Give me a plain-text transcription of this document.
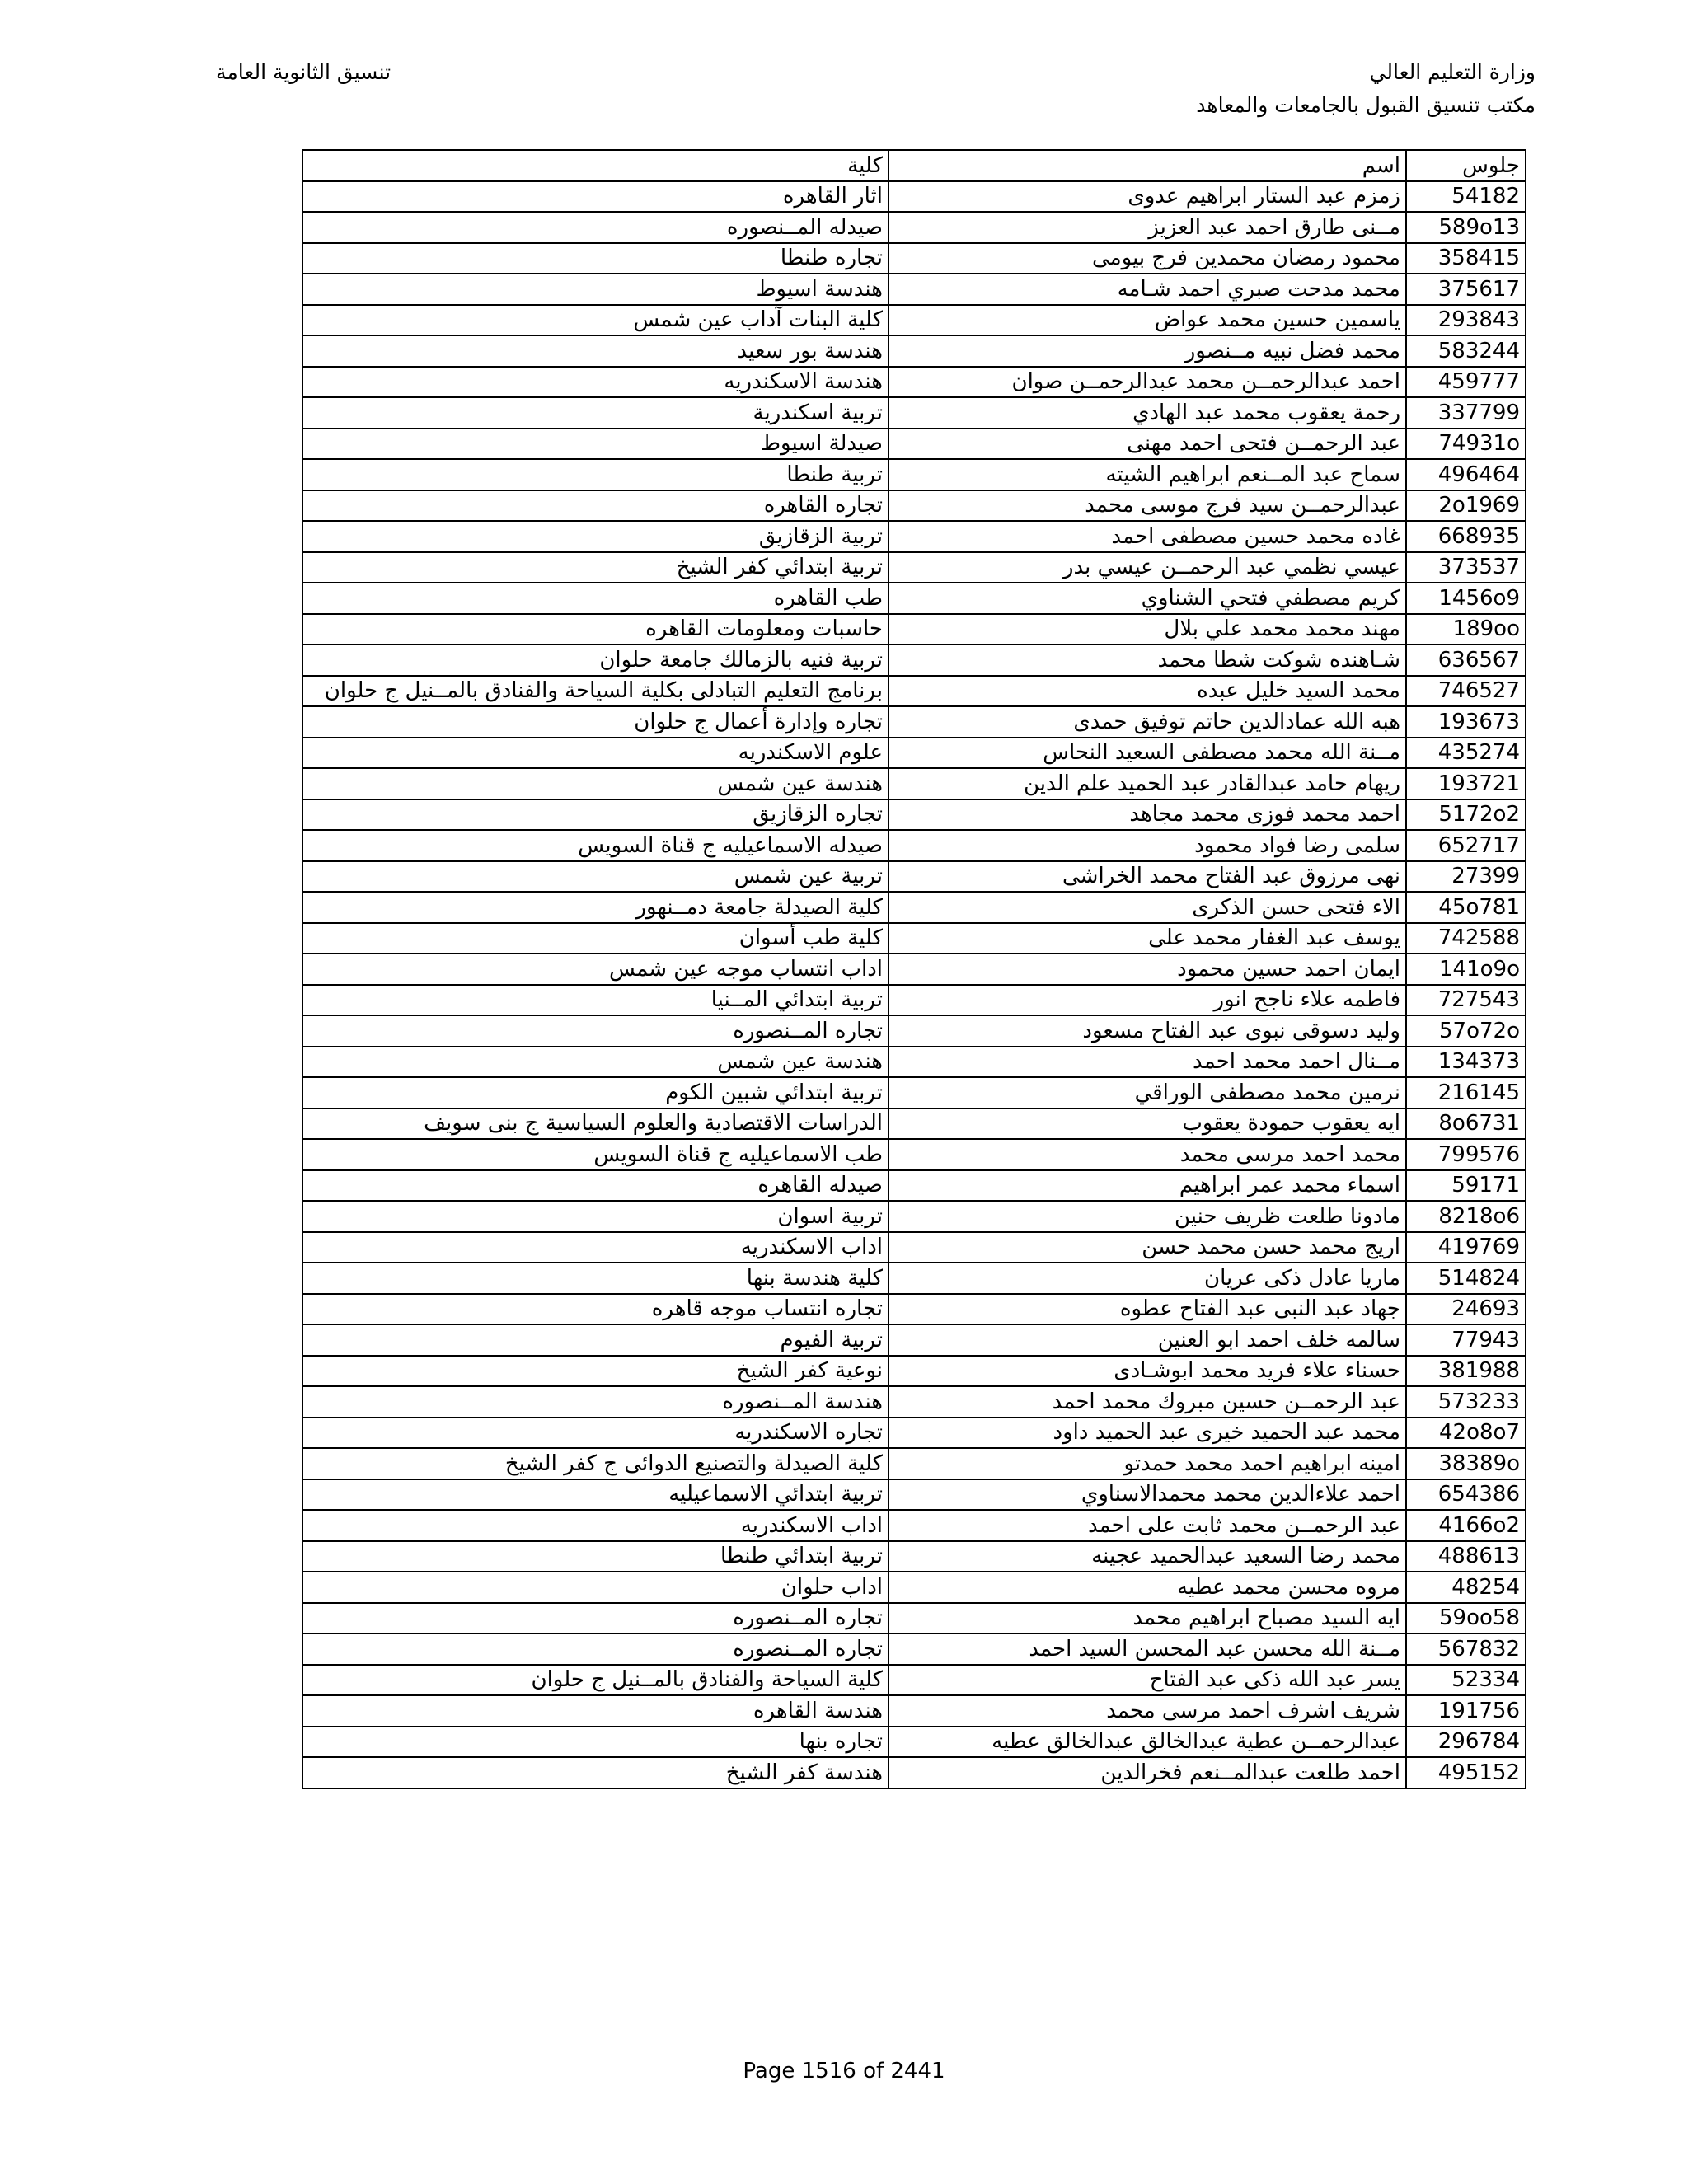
وزارة التعليم العالي
مكتب تنسيق القبول بالجامعات والمعاهد
تنسيق الثانوية العامة
جلوس	اسم	كلية
54182	زمزم عبد الستار ابراهيم عدوى	اثار القاهره
589o13	مــنى طارق احمد عبد العزيز	صيدله المــنصوره
358415	محمود رمضان محمدين فرج بيومى	تجاره طنطا
375617	محمد مدحت صبري احمد شـامه	هندسة اسيوط
293843	ياسمين حسين محمد عواض	كلية البنات آداب عين شمس
583244	محمد فضل نبيه مــنصور	هندسة بور سعيد
459777	احمد عبدالرحمــن محمد عبدالرحمــن صوان	هندسة الاسكندريه
337799	رحمة يعقوب محمد عبد الهادي	تربية اسكندرية
74931o	عبد الرحمــن فتحى احمد مهنى	صيدلة اسيوط
496464	سماح عبد المــنعم ابراهيم الشيته	تربية طنطا
2o1969	عبدالرحمــن سيد فرج موسى محمد	تجاره القاهره
668935	غاده محمد حسين مصطفى احمد	تربية الزقازيق
373537	عيسي نظمي عبد الرحمــن عيسي بدر	تربية ابتدائي كفر الشيخ
1456o9	كريم مصطفي فتحي الشناوي	طب القاهره
189oo	مهند محمد محمد علي بلال	حاسبات ومعلومات القاهره
636567	شـاهنده شوكت شطا محمد	تربية فنيه بالزمالك جامعة حلوان
746527	محمد السيد خليل عبده	برنامج التعليم التبادلى بكلية السياحة والفنادق بالمــنيل ج حلوان
193673	هبه الله عمادالدين حاتم توفيق حمدى	تجاره وإدارة أعمال ج حلوان
435274	مــنة الله محمد مصطفى السعيد النحاس	علوم الاسكندريه
193721	ريهام حامد عبدالقادر عبد الحميد علم الدين	هندسة عين شمس
5172o2	احمد محمد فوزى محمد مجاهد	تجاره الزقازيق
652717	سلمى رضا فواد محمود	صيدله الاسماعيليه ج قناة السويس
27399	نهى مرزوق عبد الفتاح محمد الخراشى	تربية عين شمس
45o781	الاء فتحى حسن الذكرى	كلية الصيدلة جامعة دمــنهور
742588	يوسف عبد الغفار محمد على	كلية طب أسوان
141o9o	ايمان احمد حسين محمود	اداب انتساب موجه عين شمس
727543	فاطمه علاء ناجح انور	تربية ابتدائي المــنيا
57o72o	وليد دسوقى نبوى عبد الفتاح مسعود	تجاره المــنصوره
134373	مــنال احمد محمد احمد	هندسة عين شمس
216145	نرمين محمد مصطفى الوراقي	تربية ابتدائي شبين الكوم
8o6731	ايه يعقوب حمودة يعقوب	الدراسات الاقتصادية والعلوم السياسية ج بنى سويف
799576	محمد احمد مرسى محمد	طب الاسماعيليه ج قناة السويس
59171	اسماء محمد عمر ابراهيم	صيدله القاهره
8218o6	مادونا طلعت ظريف حنين	تربية اسوان
419769	اريج محمد حسن محمد حسن	اداب الاسكندريه
514824	ماريا عادل ذكى عريان	كلية هندسة بنها
24693	جهاد عبد النبى عبد الفتاح عطوه	تجاره انتساب موجه قاهره
77943	سالمه خلف احمد ابو العنين	تربية الفيوم
381988	حسناء علاء فريد محمد ابوشـادى	نوعية كفر الشيخ
573233	عبد الرحمــن حسين مبروك محمد احمد	هندسة المــنصوره
42o8o7	محمد عبد الحميد خيرى عبد الحميد داود	تجاره الاسكندريه
38389o	امينه ابراهيم احمد محمد حمدتو	كلية الصيدلة والتصنيع الدوائى ج كفر الشيخ
654386	احمد علاءالدين محمد محمدالاسناوي	تربية ابتدائي الاسماعيليه
4166o2	عبد الرحمــن محمد ثابت على احمد	اداب الاسكندريه
488613	محمد رضا السعيد عبدالحميد عجينه	تربية ابتدائي طنطا
48254	مروه محسن محمد عطيه	اداب حلوان
59oo58	ايه السيد مصباح ابراهيم محمد	تجاره المــنصوره
567832	مــنة الله محسن عبد المحسن السيد احمد	تجاره المــنصوره
52334	يسر عبد الله ذكى عبد الفتاح	كلية السياحة والفنادق بالمــنيل ج حلوان
191756	شريف اشرف احمد مرسى محمد	هندسة القاهره
296784	عبدالرحمــن عطية عبدالخالق عبدالخالق عطيه	تجاره بنها
495152	احمد طلعت عبدالمــنعم فخرالدين	هندسة كفر الشيخ
Page 1516 of 2441
